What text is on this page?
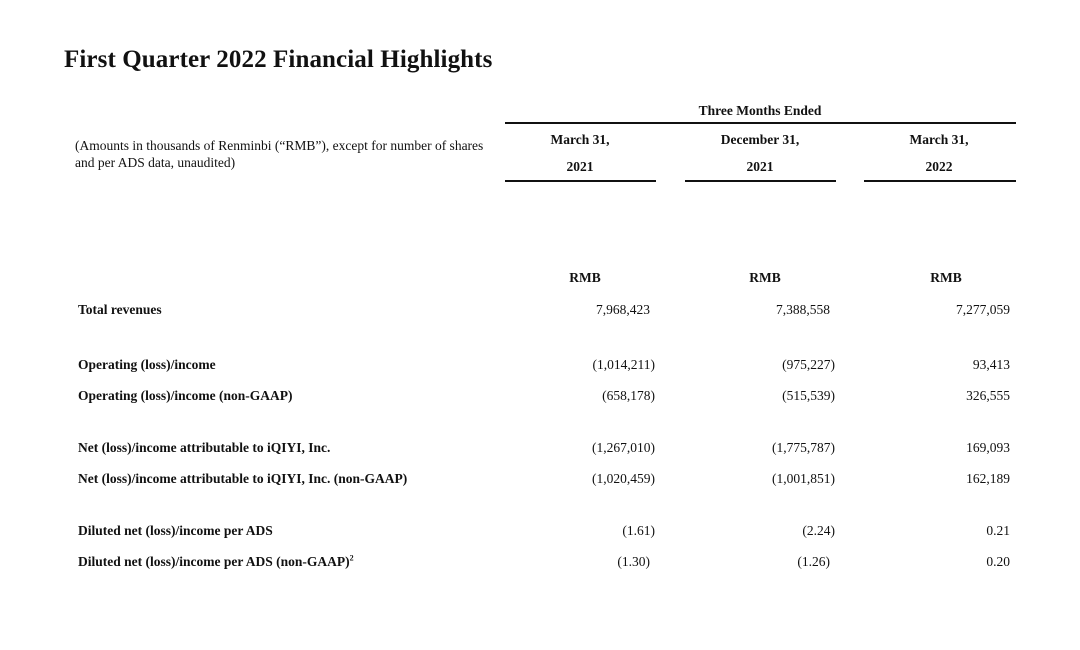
First Quarter 2022 Financial Highlights
(Amounts in thousands of Renminbi (“RMB”), except for number of shares and per ADS data, unaudited)
Three Months Ended
March 31,
2021
December 31,
2021
March 31,
2022
RMB	RMB	RMB
Total revenues	7,968,423	7,388,558	7,277,059
Operating (loss)/income	(1,014,211)	(975,227)	93,413
Operating (loss)/income (non-GAAP)	(658,178)	(515,539)	326,555
Net (loss)/income attributable to iQIYI, Inc.	(1,267,010)	(1,775,787)	169,093
Net (loss)/income attributable to iQIYI, Inc. (non-GAAP)	(1,020,459)	(1,001,851)	162,189
Diluted net (loss)/income per ADS	(1.61)	(2.24)	0.21
Diluted net (loss)/income per ADS (non-GAAP)$^2$	(1.30)	(1.26)	0.20
